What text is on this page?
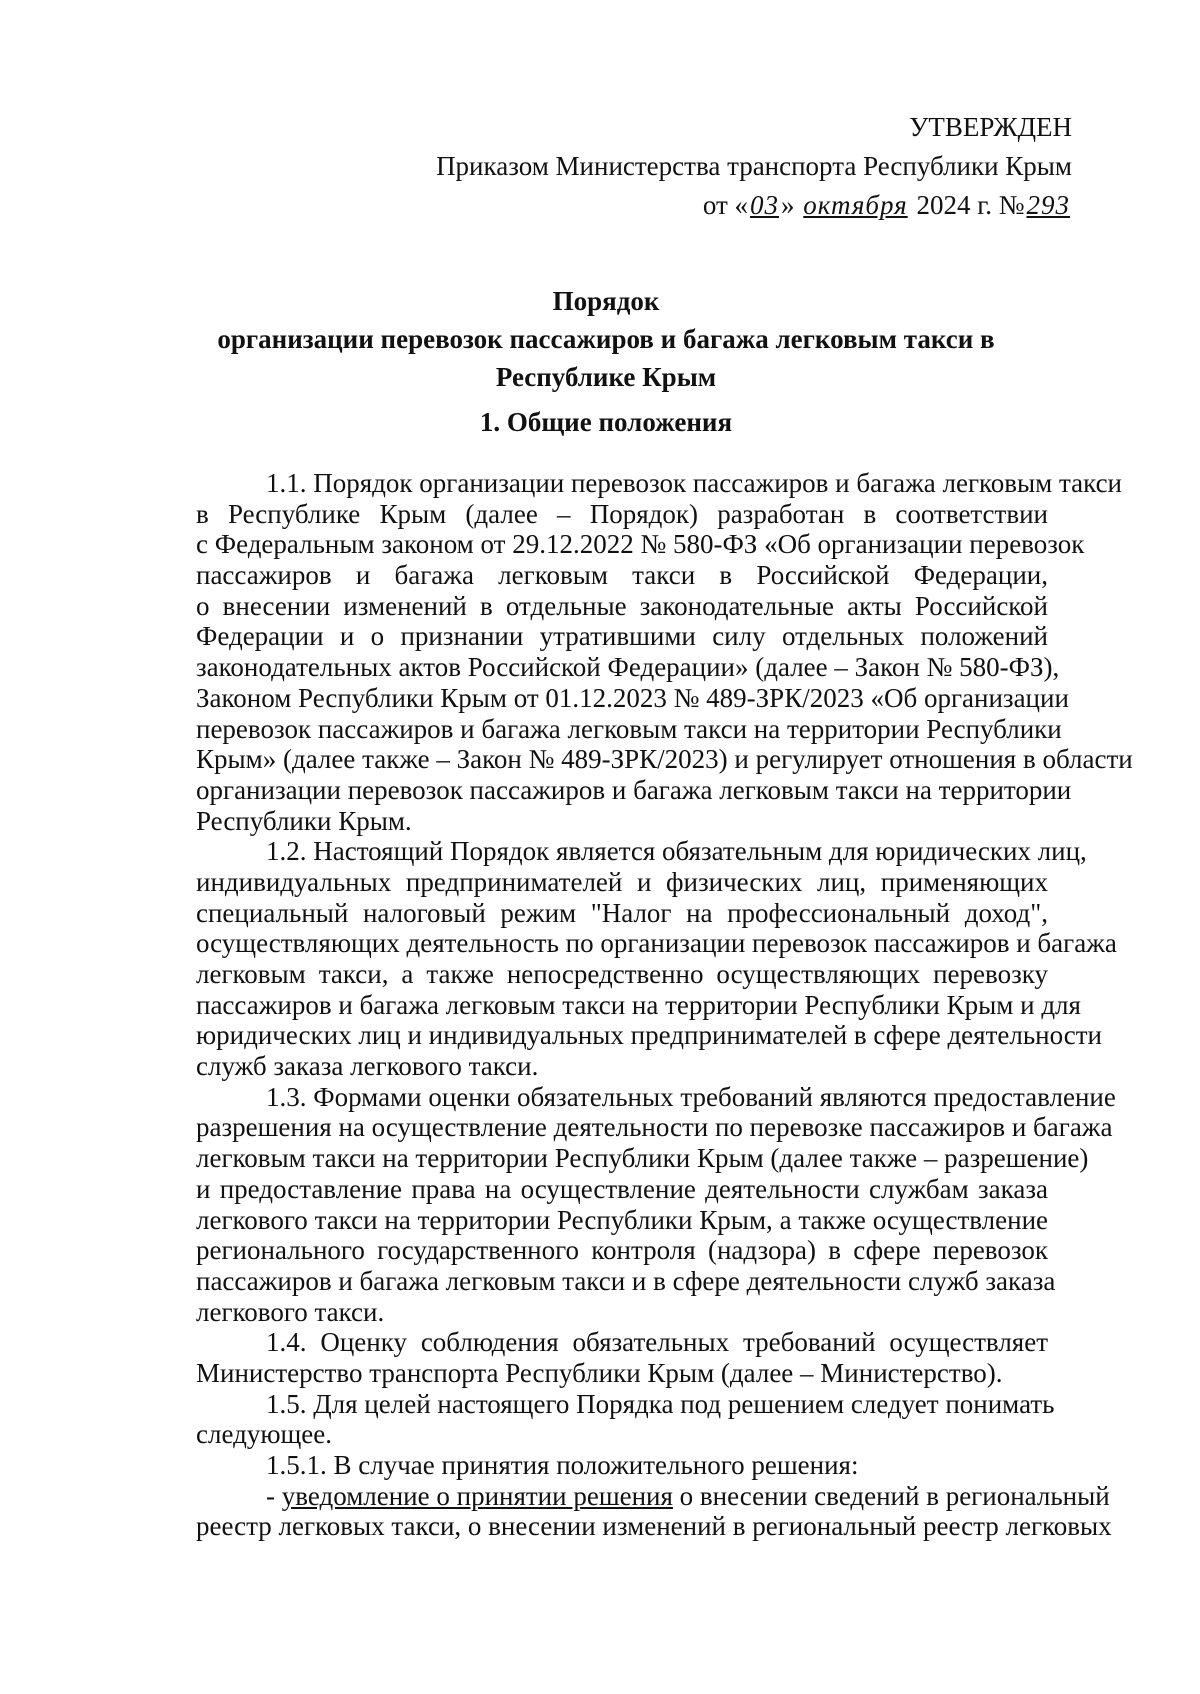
УТВЕРЖДЕН
Приказом Министерства транспорта Республики Крым
от «03» октября 2024 г. №293
Порядок
организации перевозок пассажиров и багажа легковым такси в
Республике Крым
1. Общие положения
1.1. Порядок организации перевозок пассажиров и багажа легковым такси
в Республике Крым (далее – Порядок) разработан в соответствии
с Федеральным законом от 29.12.2022 № 580-ФЗ «Об организации перевозок
пассажиров и багажа легковым такси в Российской Федерации,
о внесении изменений в отдельные законодательные акты Российской
Федерации и о признании утратившими силу отдельных положений
законодательных актов Российской Федерации» (далее – Закон № 580-ФЗ),
Законом Республики Крым от 01.12.2023 № 489-ЗРК/2023 «Об организации
перевозок пассажиров и багажа легковым такси на территории Республики
Крым» (далее также – Закон № 489-ЗРК/2023) и регулирует отношения в области
организации перевозок пассажиров и багажа легковым такси на территории
Республики Крым.
1.2. Настоящий Порядок является обязательным для юридических лиц,
индивидуальных предпринимателей и физических лиц, применяющих
специальный налоговый режим "Налог на профессиональный доход",
осуществляющих деятельность по организации перевозок пассажиров и багажа
легковым такси, а также непосредственно осуществляющих перевозку
пассажиров и багажа легковым такси на территории Республики Крым и для
юридических лиц и индивидуальных предпринимателей в сфере деятельности
служб заказа легкового такси.
1.3. Формами оценки обязательных требований являются предоставление
разрешения на осуществление деятельности по перевозке пассажиров и багажа
легковым такси на территории Республики Крым (далее также – разрешение)
и предоставление права на осуществление деятельности службам заказа
легкового такси на территории Республики Крым, а также осуществление
регионального государственного контроля (надзора) в сфере перевозок
пассажиров и багажа легковым такси и в сфере деятельности служб заказа
легкового такси.
1.4. Оценку соблюдения обязательных требований осуществляет
Министерство транспорта Республики Крым (далее – Министерство).
1.5. Для целей настоящего Порядка под решением следует понимать
следующее.
1.5.1. В случае принятия положительного решения:
- уведомление о принятии решения о внесении сведений в региональный
реестр легковых такси, о внесении изменений в региональный реестр легковых
